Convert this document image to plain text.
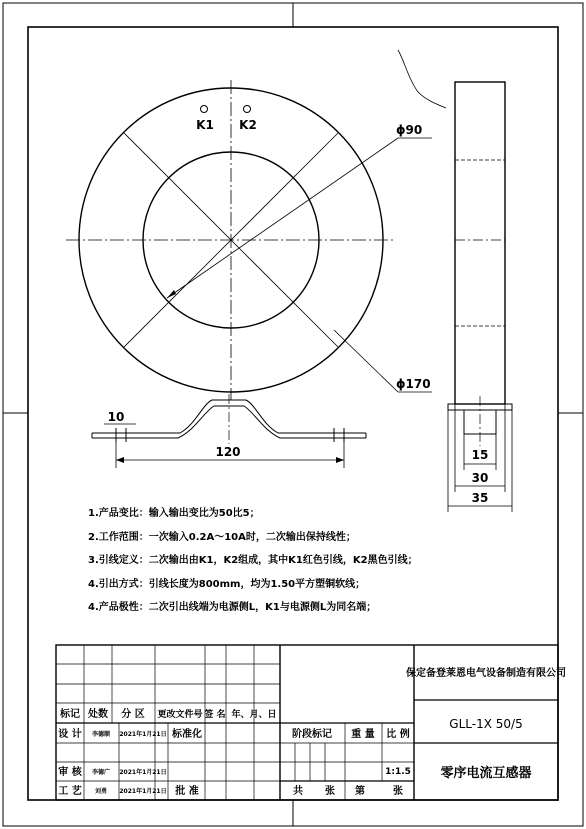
K1 K2	ϕ90
ϕ170
10
120	15
30
35
保定备登莱恩电气设备制造有限公司
GLL-1X 50/5
零序电流互感器
标记 处数 分 区 更改文件号 签 名 年、月、日
设 计 李德顺 2021年1月21日 标准化
审 核 李德广 2021年1月21日
工 艺 刘勇 2021年1月21日 批 准
阶段标记 重 量 比 例
1:1.5
共 张 第	张
1.产品变比：输入输出变比为50比5；
2.工作范围：一次输入0.2A～10A时，二次输出保持线性；
3.引线定义：二次输出由K1，K2组成，其中K1红色引线，K2黑色引线；
4.引出方式：引线长度为800mm，均为1.50平方塑铜软线；
4.产品极性：二次引出线端为电源侧L，K1与电源侧L为同名端；
